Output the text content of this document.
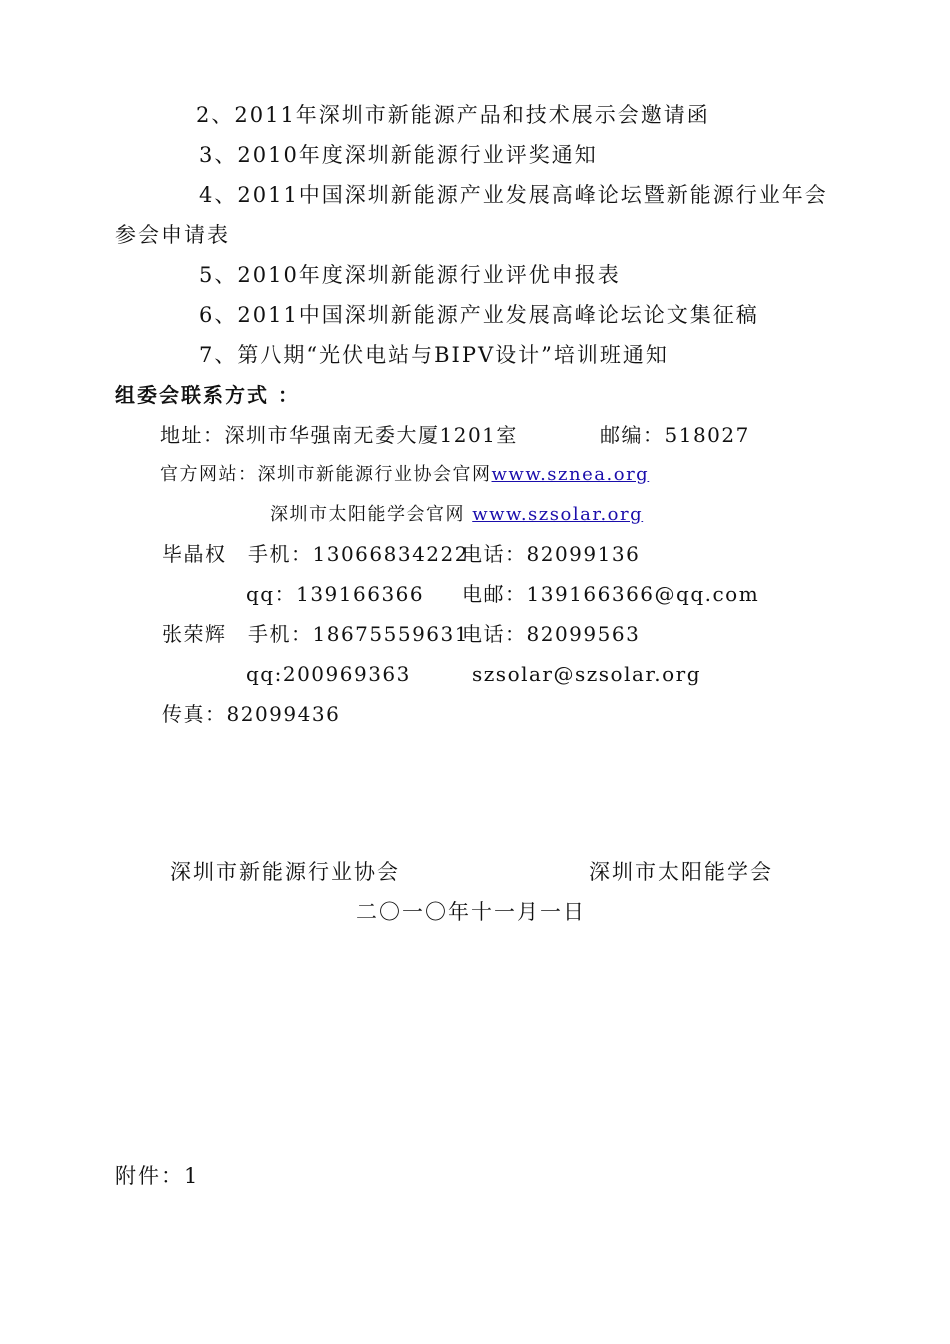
2、2011年深圳市新能源产品和技术展示会邀请函
3、2010年度深圳新能源行业评奖通知
4、2011中国深圳新能源产业发展高峰论坛暨新能源行业年会
参会申请表
5、2010年度深圳新能源行业评优申报表
6、2011中国深圳新能源产业发展高峰论坛论文集征稿
7、第八期“光伏电站与BIPV设计”培训班通知
组委会联系方式 ：
地址：深圳市华强南无委大厦1201室	邮编：518027
官方网站：深圳市新能源行业协会官网www.sznea.org
深圳市太阳能学会官网 www.szsolar.org
毕晶权 手机：13066834222
电话：82099136
qq：139166366 电邮：139166366@qq.com
张荣辉 手机：18675559631
电话：82099563
qq:200969363	szsolar@szsolar.org
传真：82099436
深圳市新能源行业协会	深圳市太阳能学会
二〇一〇年十一月一日
附件：1
